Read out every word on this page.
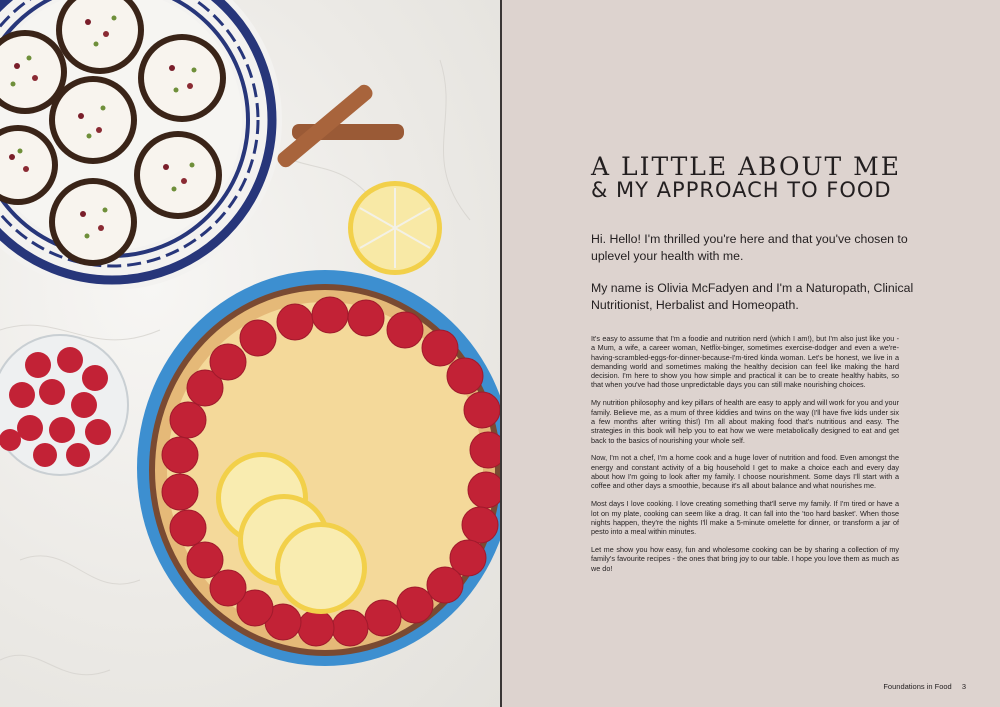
A LITTLE ABOUT ME
& MY APPROACH TO FOOD

Hi. Hello! I'm thrilled you're here and that you've chosen to uplevel your health with me.

My name is Olivia McFadyen and I'm a Naturopath, Clinical Nutritionist, Herbalist and Homeopath.

It's easy to assume that I'm a foodie and nutrition nerd (which I am!), but I'm also just like you - a Mum, a wife, a career woman, Netflix-binger, sometimes exercise-dodger and even a we're-having-scrambled-eggs-for-dinner-because-I'm-tired kinda woman. Let's be honest, we live in a demanding world and sometimes making the healthy decision can feel like making the hard decision. I'm here to show you how simple and practical it can be to create healthy habits, so that when you've had those unpredictable days you can still make nourishing choices.

My nutrition philosophy and key pillars of health are easy to apply and will work for you and your family. Believe me, as a mum of three kiddies and twins on the way (I'll have five kids under six a few months after writing this!) I'm all about making food that's nutritious and easy. The strategies in this book will help you to eat how we were metabolically designed to eat and get back to the basics of nourishing your whole self.

Now, I'm not a chef, I'm a home cook and a huge lover of nutrition and food. Even amongst the energy and constant activity of a big household I get to make a choice each and every day about how I'm going to look after my family. I choose nourishment. Some days I'll start with a coffee and other days a smoothie, because it's all about balance and what nourishes me.

Most days I love cooking. I love creating something that'll serve my family. If I'm tired or have a lot on my plate, cooking can seem like a drag. It can fall into the 'too hard basket'. When those nights happen, they're the nights I'll make a 5-minute omelette for dinner, or transform a jar of pesto into a meal within minutes.

Let me show you how easy, fun and wholesome cooking can be by sharing a collection of my family's favourite recipes - the ones that bring joy to our table. I hope you love them as much as we do!

Foundations in Food 3
